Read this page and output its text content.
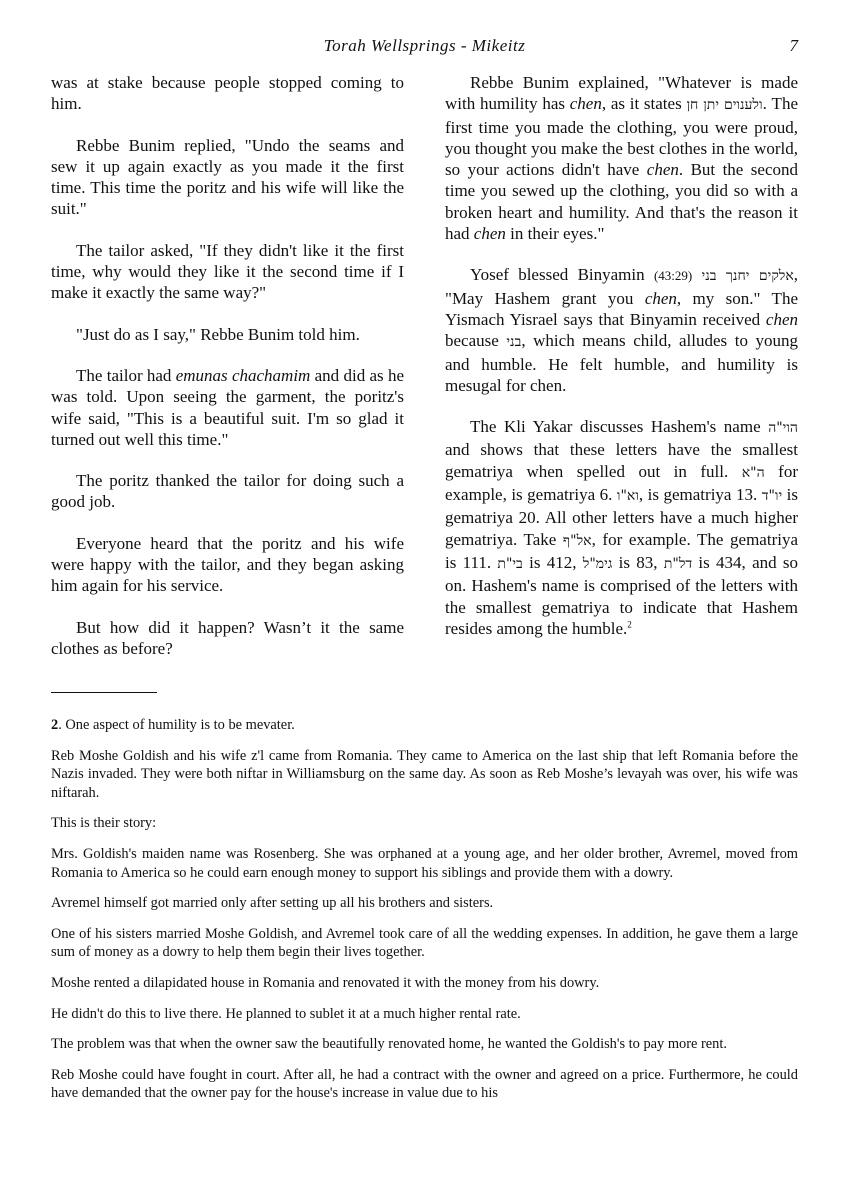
Torah Wellsprings - Mikeitz	7

was at stake because people stopped coming to him.

Rebbe Bunim replied, "Undo the seams and sew it up again exactly as you made it the first time. This time the poritz and his wife will like the suit."

The tailor asked, "If they didn't like it the first time, why would they like it the second time if I make it exactly the same way?"

"Just do as I say," Rebbe Bunim told him.

The tailor had emunas chachamim and did as he was told. Upon seeing the garment, the poritz's wife said, "This is a beautiful suit. I'm so glad it turned out well this time."

The poritz thanked the tailor for doing such a good job.

Everyone heard that the poritz and his wife were happy with the tailor, and they began asking him again for his service.

But how did it happen? Wasn’t it the same clothes as before?

Rebbe Bunim explained, "Whatever is made with humility has chen, as it states ולענוים יתן חן. The first time you made the clothing, you were proud, you thought you make the best clothes in the world, so your actions didn't have chen. But the second time you sewed up the clothing, you did so with a broken heart and humility. And that's the reason it had chen in their eyes."

Yosef blessed Binyamin (43:29) אלקים יחנך בני, "May Hashem grant you chen, my son." The Yismach Yisrael says that Binyamin received chen because בני, which means child, alludes to young and humble. He felt humble, and humility is mesugal for chen.

The Kli Yakar discusses Hashem's name הוי"ה and shows that these letters have the smallest gematriya when spelled out in full. ה"א for example, is gematriya 6. וא"ו, is gematriya 13. יו"ד is gematriya 20. All other letters have a much higher gematriya. Take אל"ף, for example. The gematriya is 111. בי"ת is 412, גימ"ל is 83, דל"ת is 434, and so on. Hashem's name is comprised of the letters with the smallest gematriya to indicate that Hashem resides among the humble.$^2$

2. One aspect of humility is to be mevater.

Reb Moshe Goldish and his wife z'l came from Romania. They came to America on the last ship that left Romania before the Nazis invaded. They were both niftar in Williamsburg on the same day. As soon as Reb Moshe’s levayah was over, his wife was niftarah.

This is their story:

Mrs. Goldish's maiden name was Rosenberg. She was orphaned at a young age, and her older brother, Avremel, moved from Romania to America so he could earn enough money to support his siblings and provide them with a dowry.

Avremel himself got married only after setting up all his brothers and sisters.

One of his sisters married Moshe Goldish, and Avremel took care of all the wedding expenses. In addition, he gave them a large sum of money as a dowry to help them begin their lives together.

Moshe rented a dilapidated house in Romania and renovated it with the money from his dowry.

He didn't do this to live there. He planned to sublet it at a much higher rental rate.

The problem was that when the owner saw the beautifully renovated home, he wanted the Goldish's to pay more rent.

Reb Moshe could have fought in court. After all, he had a contract with the owner and agreed on a price. Furthermore, he could have demanded that the owner pay for the house's increase in value due to his
